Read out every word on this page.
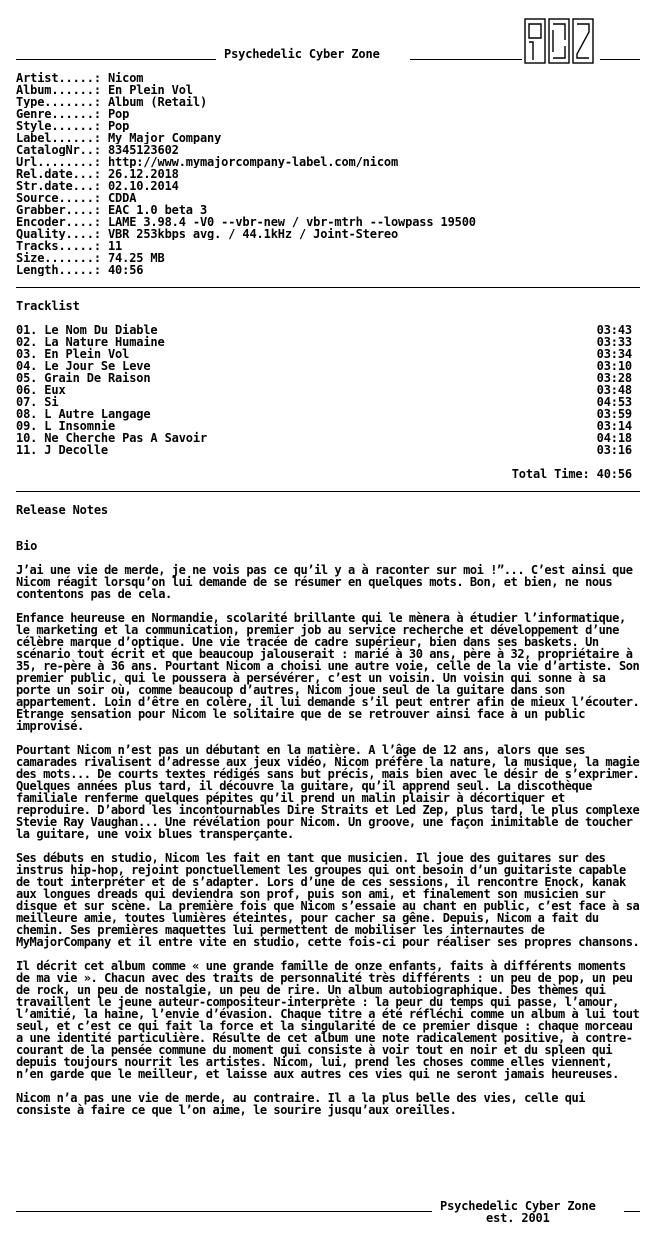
Psychedelic Cyber Zone
Artist.....: Nicom
Album......: En Plein Vol
Type.......: Album (Retail)
Genre......: Pop
Style......: Pop
Label......: My Major Company
CatalogNr..: 8345123602
Url........: http://www.mymajorcompany-label.com/nicom
Rel.date...: 26.12.2018
Str.date...: 02.10.2014
Source.....: CDDA
Grabber....: EAC 1.0 beta 3
Encoder....: LAME 3.98.4 -V0 --vbr-new / vbr-mtrh --lowpass 19500
Quality....: VBR 253kbps avg. / 44.1kHz / Joint-Stereo
Tracks.....: 11
Size.......: 74.25 MB
Length.....: 40:56
Tracklist
01. Le Nom Du Diable	03:43
02. La Nature Humaine	03:33
03. En Plein Vol	03:34
04. Le Jour Se Leve	03:10
05. Grain De Raison	03:28
06. Eux	03:48
07. Si	04:53
08. L Autre Langage	03:59
09. L Insomnie	03:14
10. Ne Cherche Pas A Savoir	04:18
11. J Decolle	03:16
Total Time: 40:56
Release Notes
Bio

J’ai une vie de merde, je ne vois pas ce qu’il y a à raconter sur moi !”... C’est ainsi que Nicom réagit lorsqu’on lui demande de se résumer en quelques mots. Bon, et bien, ne nous contentons pas de cela.

Enfance heureuse en Normandie, scolarité brillante qui le mènera à étudier l’informatique, le marketing et la communication, premier job au service recherche et développement d’une célèbre marque d’optique. Une vie tracée de cadre supérieur, bien dans ses baskets. Un scénario tout écrit et que beaucoup jalouserait : marié à 30 ans, père à 32, propriétaire à 35, re-père à 36 ans. Pourtant Nicom a choisi une autre voie, celle de la vie d’artiste. Son premier public, qui le poussera à persévérer, c’est un voisin. Un voisin qui sonne à sa porte un soir où, comme beaucoup d’autres, Nicom joue seul de la guitare dans son appartement. Loin d’être en colère, il lui demande s’il peut entrer afin de mieux l’écouter. Etrange sensation pour Nicom le solitaire que de se retrouver ainsi face à un public improvisé.

Pourtant Nicom n’est pas un débutant en la matière. A l’âge de 12 ans, alors que ses camarades rivalisent d’adresse aux jeux vidéo, Nicom préfère la nature, la musique, la magie des mots... De courts textes rédigés sans but précis, mais bien avec le désir de s’exprimer. Quelques années plus tard, il découvre la guitare, qu’il apprend seul. La discothèque familiale renferme quelques pépites qu’il prend un malin plaisir à décortiquer et reproduire. D’abord les incontournables Dire Straits et Led Zep, plus tard, le plus complexe Stevie Ray Vaughan... Une révélation pour Nicom. Un groove, une façon inimitable de toucher la guitare, une voix blues transperçante.

Ses débuts en studio, Nicom les fait en tant que musicien. Il joue des guitares sur des instrus hip-hop, rejoint ponctuellement les groupes qui ont besoin d’un guitariste capable de tout interpréter et de s’adapter. Lors d’une de ces sessions, il rencontre Enock, kanak aux longues dreads qui deviendra son prof, puis son ami, et finalement son musicien sur disque et sur scène. La première fois que Nicom s’essaie au chant en public, c’est face à sa meilleure amie, toutes lumières éteintes, pour cacher sa gêne. Depuis, Nicom a fait du chemin. Ses premières maquettes lui permettent de mobiliser les internautes de MyMajorCompany et il entre vite en studio, cette fois-ci pour réaliser ses propres chansons.

Il décrit cet album comme « une grande famille de onze enfants, faits à différents moments de ma vie ». Chacun avec des traits de personnalité très différents : un peu de pop, un peu de rock, un peu de nostalgie, un peu de rire. Un album autobiographique. Des thèmes qui travaillent le jeune auteur-compositeur-interprète : la peur du temps qui passe, l’amour, l’amitié, la haine, l’envie d’évasion. Chaque titre a été réfléchi comme un album à lui tout seul, et c’est ce qui fait la force et la singularité de ce premier disque : chaque morceau a une identité particulière. Résulte de cet album une note radicalement positive, à contre-courant de la pensée commune du moment qui consiste à voir tout en noir et du spleen qui depuis toujours nourrit les artistes. Nicom, lui, prend les choses comme elles viennent, n’en garde que le meilleur, et laisse aux autres ces vies qui ne seront jamais heureuses.

Nicom n’a pas une vie de merde, au contraire. Il a la plus belle des vies, celle qui consiste à faire ce que l’on aime, le sourire jusqu’aux oreilles.

Psychedelic Cyber Zone
est. 2001
